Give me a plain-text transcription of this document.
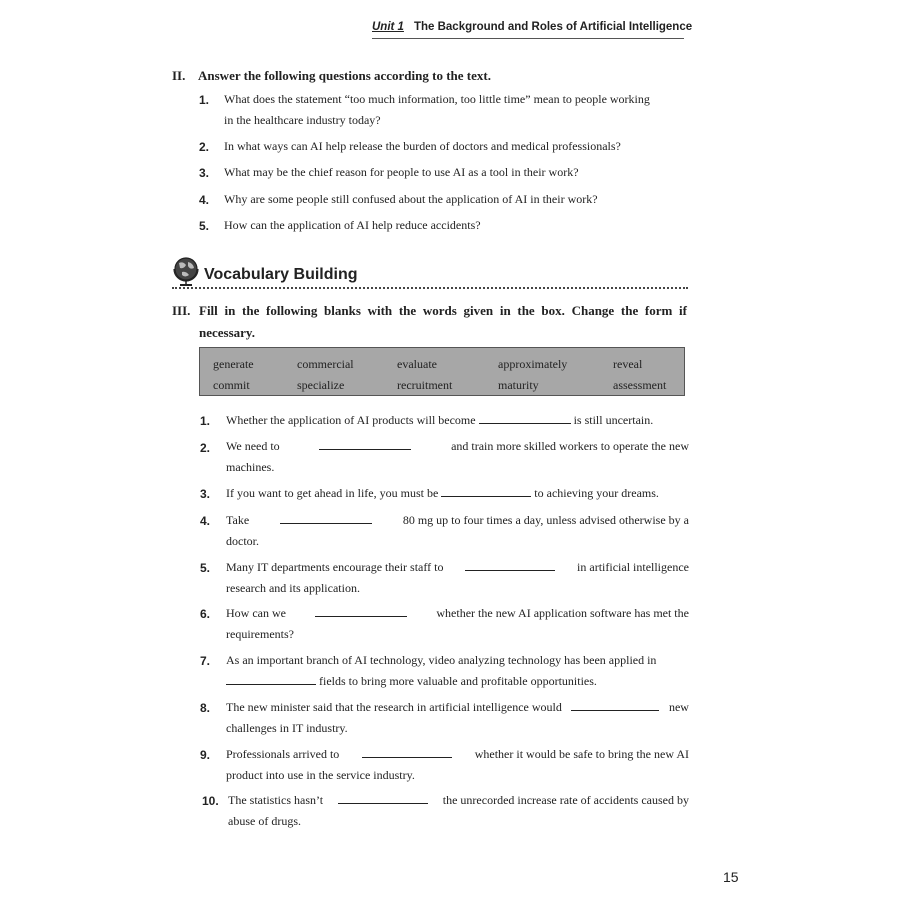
Unit 1 The Background and Roles of Artificial Intelligence
II. Answer the following questions according to the text.
1. What does the statement “too much information, too little time” mean to people working
in the healthcare industry today?
2. In what ways can AI help release the burden of doctors and medical professionals?
3. What may be the chief reason for people to use AI as a tool in their work?
4. Why are some people still confused about the application of AI in their work?
5. How can the application of AI help reduce accidents?
Vocabulary Building
III. Fill in the following blanks with the words given in the box. Change the form if
necessary.
generate	commercial	evaluate	approximately	reveal
commit	specialize	recruitment	maturity	assessment
1. Whether the application of AI products will become	is still uncertain.
2. We need to	and train more skilled workers to operate the new
machines.
3. If you want to get ahead in life, you must be	to achieving your dreams.
4. Take	80 mg up to four times a day, unless advised otherwise by a
doctor.
5. Many IT departments encourage their staff to	in artificial intelligence
research and its application.
6. How can we	whether the new AI application software has met the
requirements?
7. As an important branch of AI technology, video analyzing technology has been applied in
fields to bring more valuable and profitable opportunities.
8. The new minister said that the research in artificial intelligence would	new
challenges in IT industry.
9. Professionals arrived to	whether it would be safe to bring the new AI
product into use in the service industry.
10. The statistics hasn’t	the unrecorded increase rate of accidents caused by
abuse of drugs.
15
